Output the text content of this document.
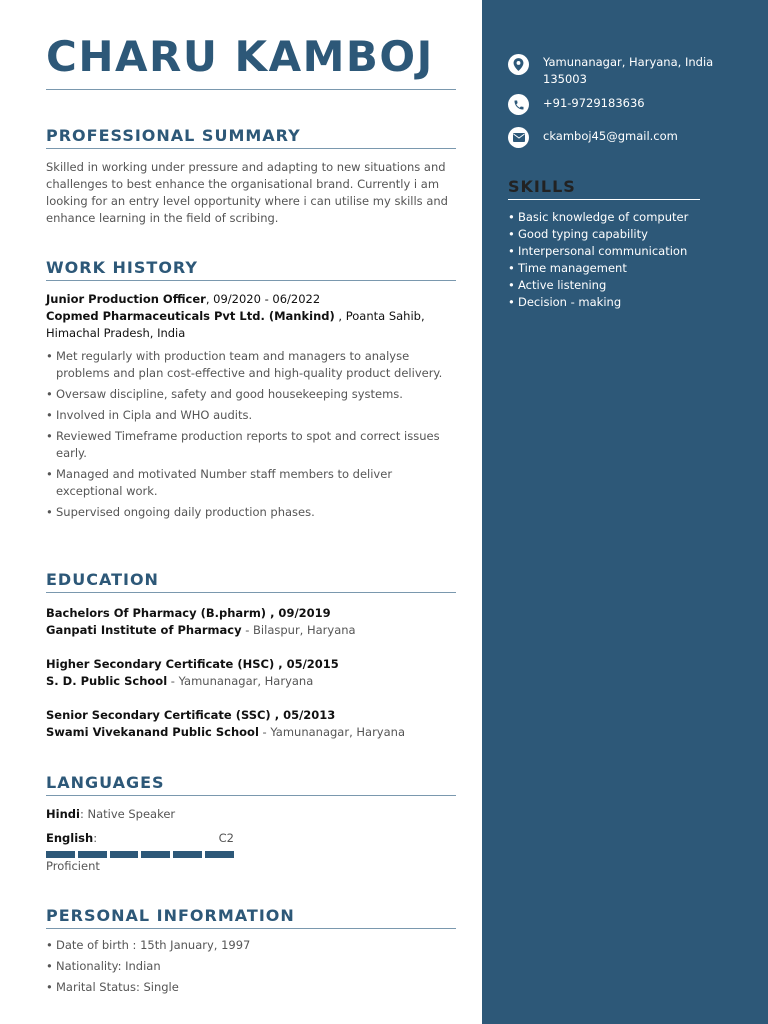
CHARU KAMBOJ
PROFESSIONAL SUMMARY
Skilled in working under pressure and adapting to new situations and challenges to best enhance the organisational brand. Currently i am looking for an entry level opportunity where i can utilise my skills and enhance learning in the field of scribing.
WORK HISTORY
Junior Production Officer, 09/2020 - 06/2022
Copmed Pharmaceuticals Pvt Ltd. (Mankind) , Poanta Sahib, Himachal Pradesh, India
• Met regularly with production team and managers to analyse problems and plan cost-effective and high-quality product delivery.
• Oversaw discipline, safety and good housekeeping systems.
• Involved in Cipla and WHO audits.
• Reviewed Timeframe production reports to spot and correct issues early.
• Managed and motivated Number staff members to deliver exceptional work.
• Supervised ongoing daily production phases.
EDUCATION
Bachelors Of Pharmacy (B.pharm) , 09/2019
Ganpati Institute of Pharmacy - Bilaspur, Haryana
Higher Secondary Certificate (HSC) , 05/2015
S. D. Public School - Yamunanagar, Haryana
Senior Secondary Certificate (SSC) , 05/2013
Swami Vivekanand Public School - Yamunanagar, Haryana
LANGUAGES
Hindi: Native Speaker
English:	C2
Proficient
PERSONAL INFORMATION
• Date of birth : 15th January, 1997
• Nationality: Indian
• Marital Status: Single
Yamunanagar, Haryana, India
135003
+91-9729183636
ckamboj45@gmail.com
SKILLS
• Basic knowledge of computer
• Good typing capability
• Interpersonal communication
• Time management
• Active listening
• Decision - making
